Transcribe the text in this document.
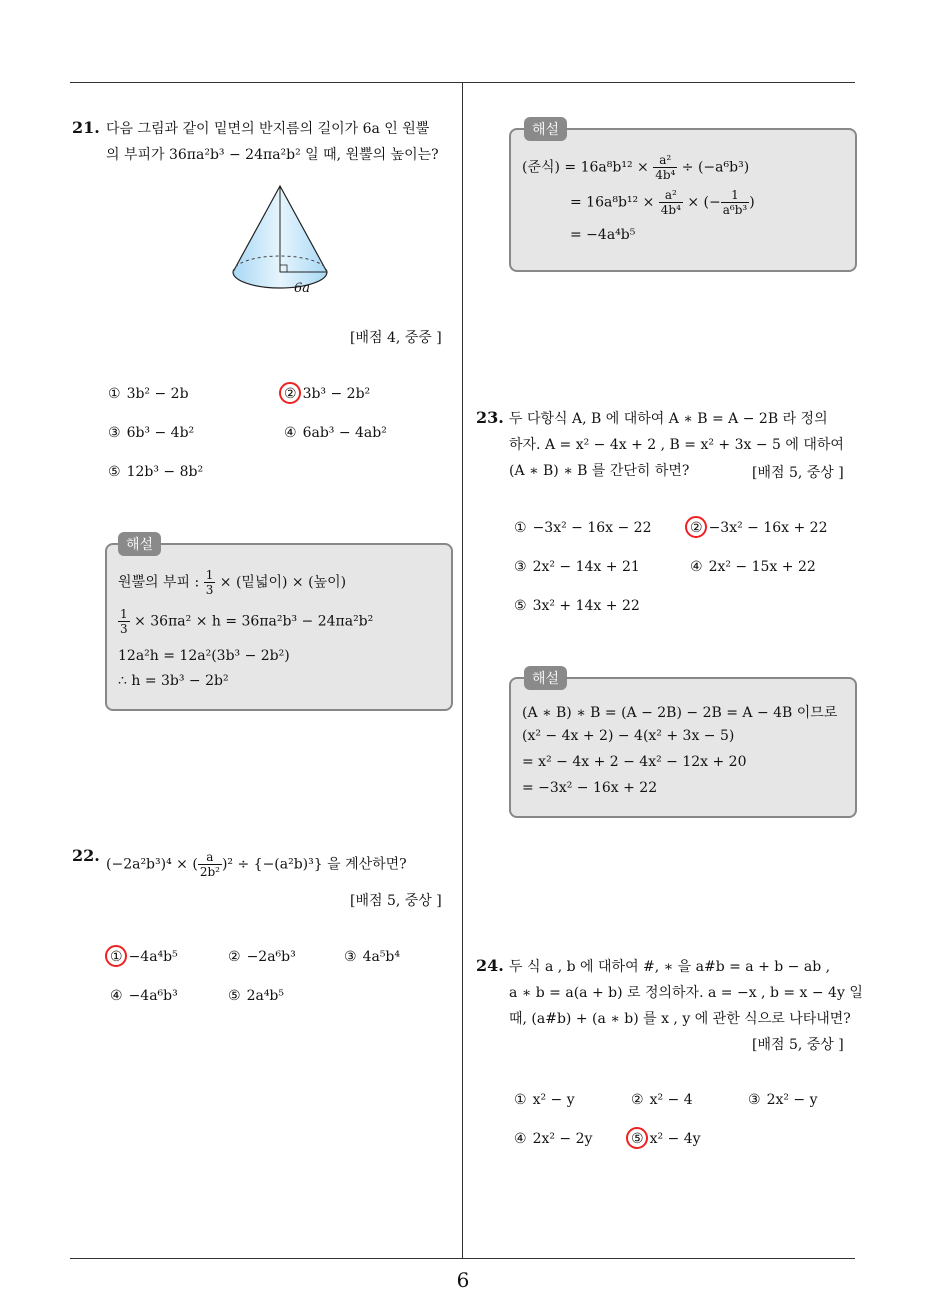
6
21. 다음 그림과 같이 밑면의 반지름의 길이가 6a 인 원뿔
의 부피가 36πa²b³ − 24πa²b² 일 때, 원뿔의 높이는?
6a
[배점 4, 중중 ]
① 3b² − 2b	② 3b³ − 2b²
③ 6b³ − 4b²	④ 6ab³ − 4ab²
⑤ 12b³ − 8b²
해설
원뿔의 부피 : $\frac{1}{3}$ × (밑넓이) × (높이)
$\frac{1}{3} \times 36\pi a^2 \times h = 36\pi a^2b^3 - 24\pi a^2b^2$
12a²h = 12a²(3b³ − 2b²)
∴ h = 3b³ − 2b²
22. (−2a²b³)⁴ × ( $\frac{a}{\text{2b²}} )^2 \div \{-(a^2b)^3\}$ 을 계산하면?
[배점 5, 중상 ]
① −4a⁴b⁵	② −2a⁶b³	③ 4a⁵b⁴
④ −4a⁶b³	⑤ 2a⁴b⁵
해설
(준식) = $16a^8b^{12} \times \frac{\text{a²}}{\text{4b⁴}} \div (-a^6b^3)$
= $16a^8b^{12} \times \frac{\text{a²}}{\text{4b⁴}}$ × (− $\frac{1}{\text{a⁶b³}}$ )
= −4a⁴b⁵
23. 두 다항식 A, B 에 대하여 A ∗ B = A − 2B 라 정의
하자. A = x² − 4x + 2 , B = x² + 3x − 5 에 대하여
(A ∗ B) ∗ B 를 간단히 하면?	[배점 5, 중상 ]
① −3x² − 16x − 22	② −3x² − 16x + 22
③ 2x² − 14x + 21	④ 2x² − 15x + 22
⑤ 3x² + 14x + 22
해설
(A ∗ B) ∗ B = (A − 2B) − 2B = A − 4B 이므로
(x² − 4x + 2) − 4(x² + 3x − 5)
= x² − 4x + 2 − 4x² − 12x + 20
= −3x² − 16x + 22
24. 두 식 a , b 에 대하여 #, ∗ 을 a#b = a + b − ab ,
a ∗ b = a(a + b) 로 정의하자. a = −x , b = x − 4y 일
때, (a#b) + (a ∗ b) 를 x , y 에 관한 식으로 나타내면?
[배점 5, 중상 ]
① x² − y	② x² − 4	③ 2x² − y
④ 2x² − 2y	⑤ x² − 4y
